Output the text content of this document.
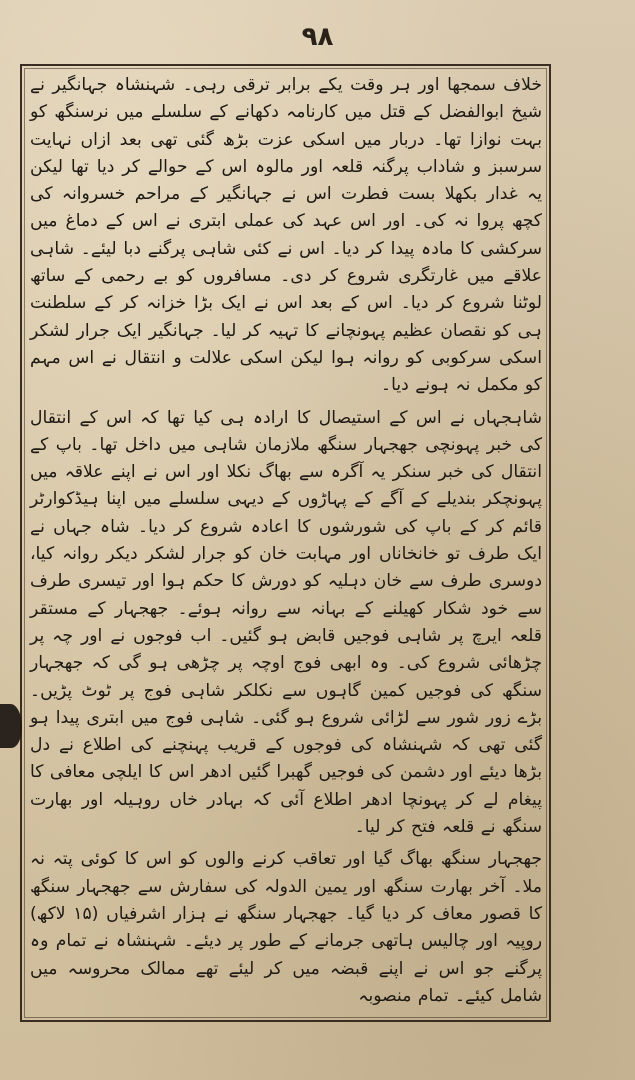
۹۸

خلاف سمجھا اور ہر وقت یکے برابر ترقی رہی۔ شہنشاہ جہانگیر نے شیخ ابوالفضل کے قتل میں کارنامہ دکھانے کے سلسلے میں نرسنگھ کو بہت نوازا تھا۔ دربار میں اسکی عزت بڑھ گئی تھی بعد ازاں نہایت سرسبز و شاداب پرگنہ قلعہ اور مالوہ اس کے حوالے کر دیا تھا لیکن یہ غدار بکھلا بست فطرت اس نے جہانگیر کے مراحم خسروانہ کی کچھ پروا نہ کی۔ اور اس عہد کی عملی ابتری نے اس کے دماغ میں سرکشی کا مادہ پیدا کر دیا۔ اس نے کئی شاہی پرگنے دبا لیئے۔ شاہی علاقے میں غارتگری شروع کر دی۔ مسافروں کو بے رحمی کے ساتھ لوٹنا شروع کر دیا۔ اس کے بعد اس نے ایک بڑا خزانہ کر کے سلطنت ہی کو نقصان عظیم پہونچانے کا تہیہ کر لیا۔ جہانگیر ایک جرار لشکر اسکی سرکوبی کو روانہ ہوا لیکن اسکی علالت و انتقال نے اس مہم کو مکمل نہ ہونے دیا۔

شاہجہاں نے اس کے استیصال کا ارادہ ہی کیا تھا کہ اس کے انتقال کی خبر پہونچی جھجہار سنگھ ملازمان شاہی میں داخل تھا۔ باپ کے انتقال کی خبر سنکر یہ آگرہ سے بھاگ نکلا اور اس نے اپنے علاقہ میں پہونچکر بندیلے کے آگے کے پہاڑوں کے دیہی سلسلے میں اپنا ہیڈکوارٹر قائم کر کے باپ کی شورشوں کا اعادہ شروع کر دیا۔ شاہ جہاں نے ایک طرف تو خانخاناں اور مہابت خان کو جرار لشکر دیکر روانہ کیا، دوسری طرف سے خان دہلیہ کو دورش کا حکم ہوا اور تیسری طرف سے خود شکار کھیلنے کے بہانہ سے روانہ ہوئے۔ جھجہار کے مستقر قلعہ ایرچ پر شاہی فوجیں قابض ہو گئیں۔ اب فوجوں نے اور چہ پر چڑھائی شروع کی۔ وہ ابھی فوج اوچہ پر چڑھی ہو گی کہ جھجہار سنگھ کی فوجیں کمین گاہوں سے نکلکر شاہی فوج پر ٹوٹ پڑیں۔ بڑے زور شور سے لڑائی شروع ہو گئی۔ شاہی فوج میں ابتری پیدا ہو گئی تھی کہ شہنشاہ کی فوجوں کے قریب پہنچنے کی اطلاع نے دل بڑھا دیئے اور دشمن کی فوجیں گھبرا گئیں ادھر اس کا ایلچی معافی کا پیغام لے کر پہونچا ادھر اطلاع آئی کہ بہادر خاں روہیلہ اور بھارت سنگھ نے قلعہ فتح کر لیا۔

جھجہار سنگھ بھاگ گیا اور تعاقب کرنے والوں کو اس کا کوئی پتہ نہ ملا۔ آخر بھارت سنگھ اور یمین الدولہ کی سفارش سے جھجہار سنگھ کا قصور معاف کر دیا گیا۔ جھجہار سنگھ نے ہزار اشرفیاں (۱۵ لاکھ) روپیہ اور چالیس ہاتھی جرمانے کے طور پر دیئے۔ شہنشاہ نے تمام وہ پرگنے جو اس نے اپنے قبضہ میں کر لیئے تھے ممالک محروسہ میں شامل کیئے۔ تمام منصوبہ
